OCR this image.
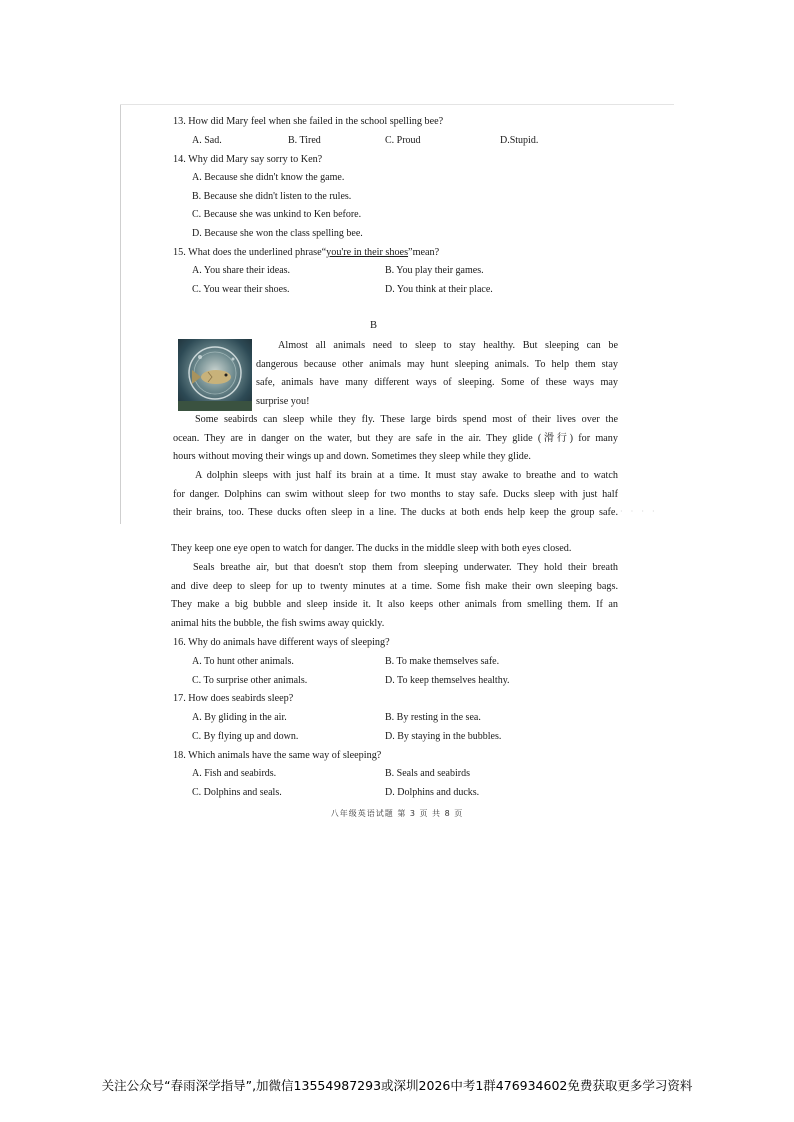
· · · ·
13. How did Mary feel when she failed in the school spelling bee?
A. Sad.	B. Tired	C. Proud	D.Stupid.
14. Why did Mary say sorry to Ken?
A. Because she didn't know the game.
B. Because she didn't listen to the rules.
C. Because she was unkind to Ken before.
D. Because she won the class spelling bee.
15. What does the underlined phrase“you're in their shoes”mean?
A. You share their ideas.	B. You play their games.
C. You wear their shoes.	D. You think at their place.
B
Almost all animals need to sleep to stay healthy. But sleeping can be
dangerous because other animals may hunt sleeping animals. To help them stay
safe, animals have many different ways of sleeping. Some of these ways may
surprise you!
Some seabirds can sleep while they fly. These large birds spend most of their lives over the
ocean. They are in danger on the water, but they are safe in the air. They glide (滑行) for many
hours without moving their wings up and down. Sometimes they sleep while they glide.
A dolphin sleeps with just half its brain at a time. It must stay awake to breathe and to watch
for danger. Dolphins can swim without sleep for two months to stay safe. Ducks sleep with just half
their brains, too. These ducks often sleep in a line. The ducks at both ends help keep the group safe.
They keep one eye open to watch for danger. The ducks in the middle sleep with both eyes closed.
Seals breathe air, but that doesn't stop them from sleeping underwater. They hold their breath
and dive deep to sleep for up to twenty minutes at a time. Some fish make their own sleeping bags.
They make a big bubble and sleep inside it. It also keeps other animals from smelling them. If an
animal hits the bubble, the fish swims away quickly.
16. Why do animals have different ways of sleeping?
A. To hunt other animals.	B. To make themselves safe.
C. To surprise other animals.	D. To keep themselves healthy.
17. How does seabirds sleep?
A. By gliding in the air.	B. By resting in the sea.
C. By flying up and down.	D. By staying in the bubbles.
18. Which animals have the same way of sleeping?
A. Fish and seabirds.	B. Seals and seabirds
C. Dolphins and seals.	D. Dolphins and ducks.
八年级英语试题 第 3 页 共 8 页
关注公众号“春雨深学指导”,加微信13554987293或深圳2026中考1群476934602免费获取更多学习资料
